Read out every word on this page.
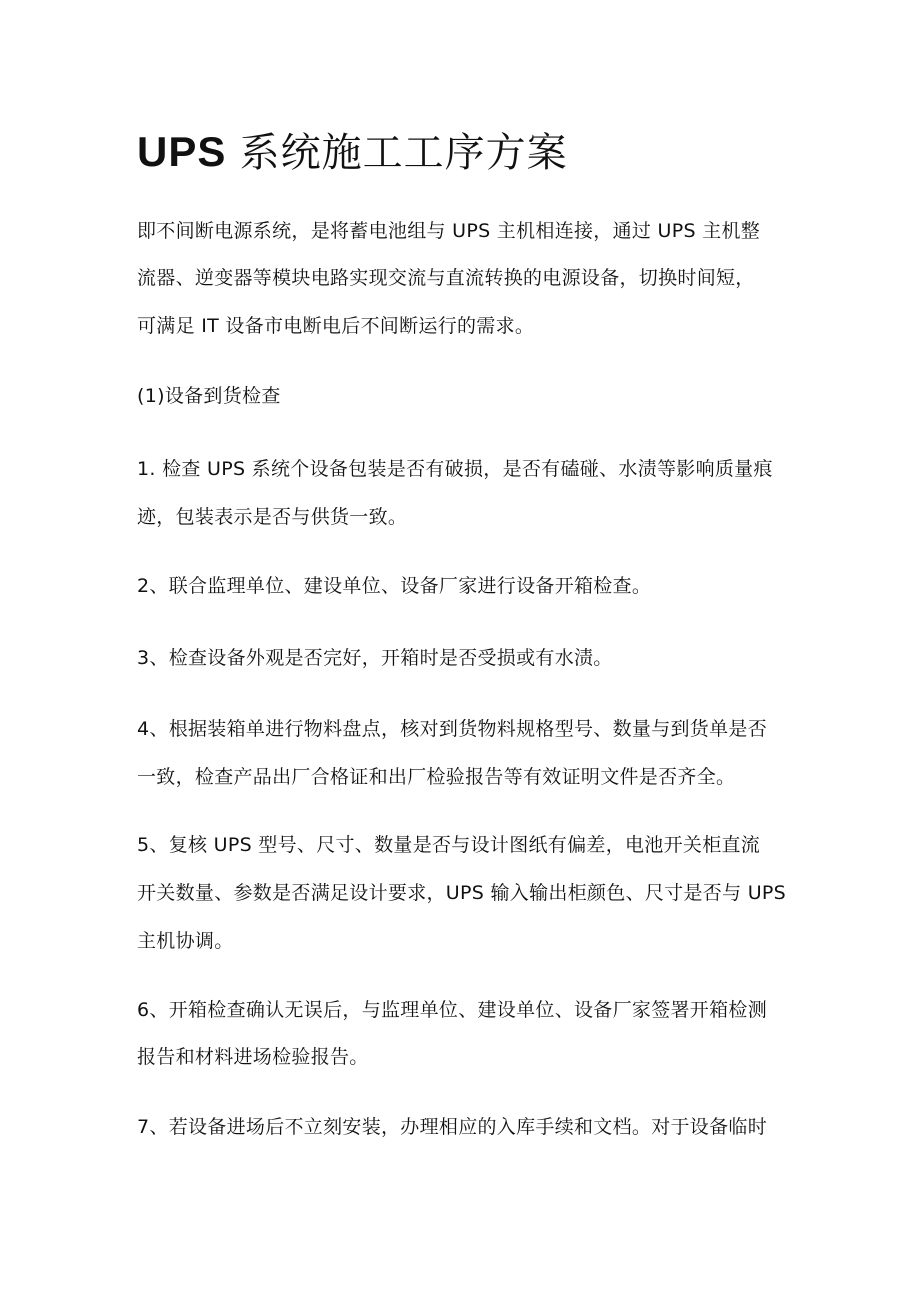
UPS 系统施工工序方案
即不间断电源系统，是将蓄电池组与 UPS 主机相连接，通过 UPS 主机整
流器、逆变器等模块电路实现交流与直流转换的电源设备，切换时间短，
可满足 IT 设备市电断电后不间断运行的需求。
(1)设备到货检查
1. 检查 UPS 系统个设备包装是否有破损，是否有磕碰、水渍等影响质量痕
迹，包装表示是否与供货一致。
2、联合监理单位、建设单位、设备厂家进行设备开箱检查。
3、检查设备外观是否完好，开箱时是否受损或有水渍。
4、根据装箱单进行物料盘点，核对到货物料规格型号、数量与到货单是否
一致，检查产品出厂合格证和出厂检验报告等有效证明文件是否齐全。
5、复核 UPS 型号、尺寸、数量是否与设计图纸有偏差，电池开关柜直流
开关数量、参数是否满足设计要求，UPS 输入输出柜颜色、尺寸是否与 UPS
主机协调。
6、开箱检查确认无误后，与监理单位、建设单位、设备厂家签署开箱检测
报告和材料进场检验报告。
7、若设备进场后不立刻安装，办理相应的入库手续和文档。对于设备临时
